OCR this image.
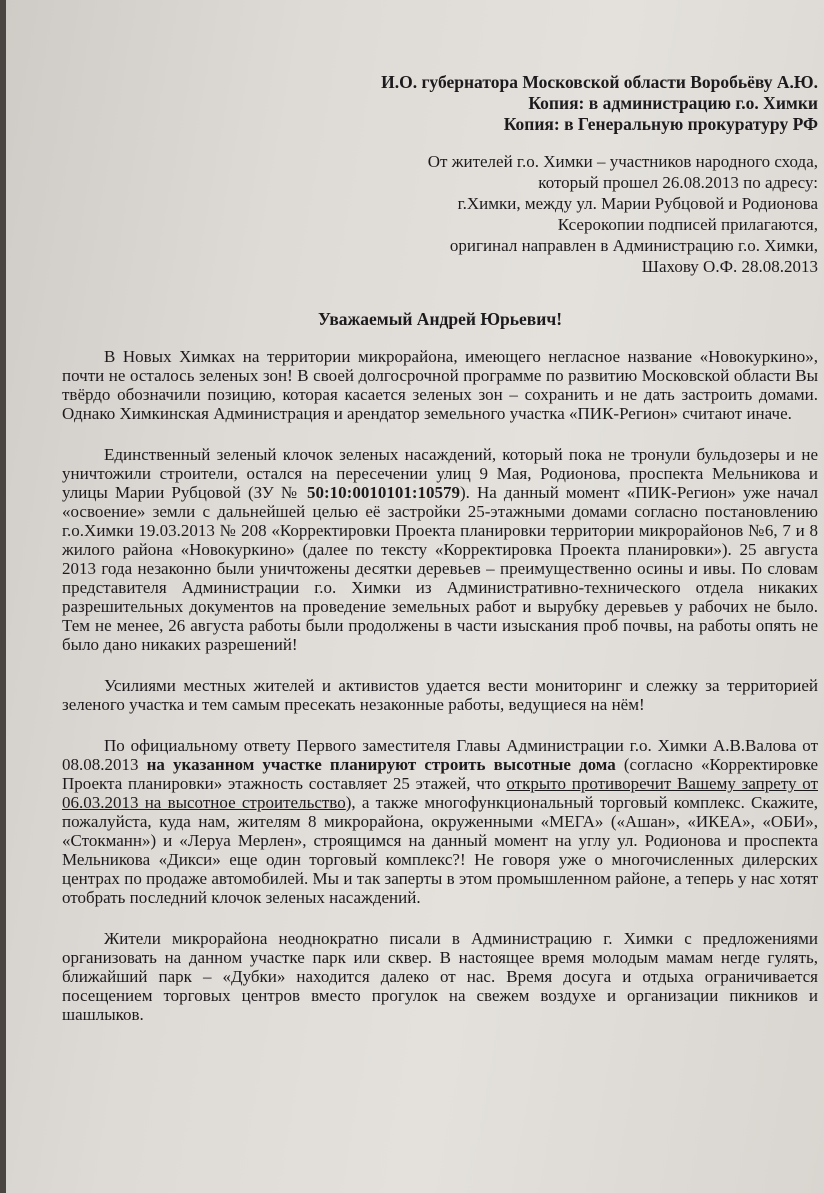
И.О. губернатора Московской области Воробьёву А.Ю.
Копия: в администрацию г.о. Химки
Копия: в Генеральную прокуратуру РФ
От жителей г.о. Химки – участников народного схода,
который прошел 26.08.2013 по адресу:
г.Химки, между ул. Марии Рубцовой и Родионова
Ксерокопии подписей прилагаются,
оригинал направлен в Администрацию г.о. Химки,
Шахову О.Ф. 28.08.2013
Уважаемый Андрей Юрьевич!

В Новых Химках на территории микрорайона, имеющего негласное название «Новокуркино», почти не осталось зеленых зон! В своей долгосрочной программе по развитию Московской области Вы твёрдо обозначили позицию, которая касается зеленых зон – сохранить и не дать застроить домами. Однако Химкинская Администрация и арендатор земельного участка «ПИК-Регион» считают иначе.

Единственный зеленый клочок зеленых насаждений, который пока не тронули бульдозеры и не уничтожили строители, остался на пересечении улиц 9 Мая, Родионова, проспекта Мельникова и улицы Марии Рубцовой (ЗУ № 50:10:0010101:10579). На данный момент «ПИК-Регион» уже начал «освоение» земли с дальнейшей целью её застройки 25-этажными домами согласно постановлению г.о.Химки 19.03.2013 № 208 «Корректировки Проекта планировки территории микрорайонов №6, 7 и 8 жилого района «Новокуркино» (далее по тексту «Корректировка Проекта планировки»). 25 августа 2013 года незаконно были уничтожены десятки деревьев – преимущественно осины и ивы. По словам представителя Администрации г.о. Химки из Административно-технического отдела никаких разрешительных документов на проведение земельных работ и вырубку деревьев у рабочих не было. Тем не менее, 26 августа работы были продолжены в части изыскания проб почвы, на работы опять не было дано никаких разрешений!

Усилиями местных жителей и активистов удается вести мониторинг и слежку за территорией зеленого участка и тем самым пресекать незаконные работы, ведущиеся на нём!

По официальному ответу Первого заместителя Главы Администрации г.о. Химки А.В.Валова от 08.08.2013 на указанном участке планируют строить высотные дома (согласно «Корректировке Проекта планировки» этажность составляет 25 этажей, что открыто противоречит Вашему запрету от 06.03.2013 на высотное строительство), а также многофункциональный торговый комплекс. Скажите, пожалуйста, куда нам, жителям 8 микрорайона, окруженными «МЕГА» («Ашан», «ИКЕА», «ОБИ», «Стокманн») и «Леруа Мерлен», строящимся на данный момент на углу ул. Родионова и проспекта Мельникова «Дикси» еще один торговый комплекс?! Не говоря уже о многочисленных дилерских центрах по продаже автомобилей. Мы и так заперты в этом промышленном районе, а теперь у нас хотят отобрать последний клочок зеленых насаждений.

Жители микрорайона неоднократно писали в Администрацию г. Химки с предложениями организовать на данном участке парк или сквер. В настоящее время молодым мамам негде гулять, ближайший парк – «Дубки» находится далеко от нас. Время досуга и отдыха ограничивается посещением торговых центров вместо прогулок на свежем воздухе и организации пикников и шашлыков.
